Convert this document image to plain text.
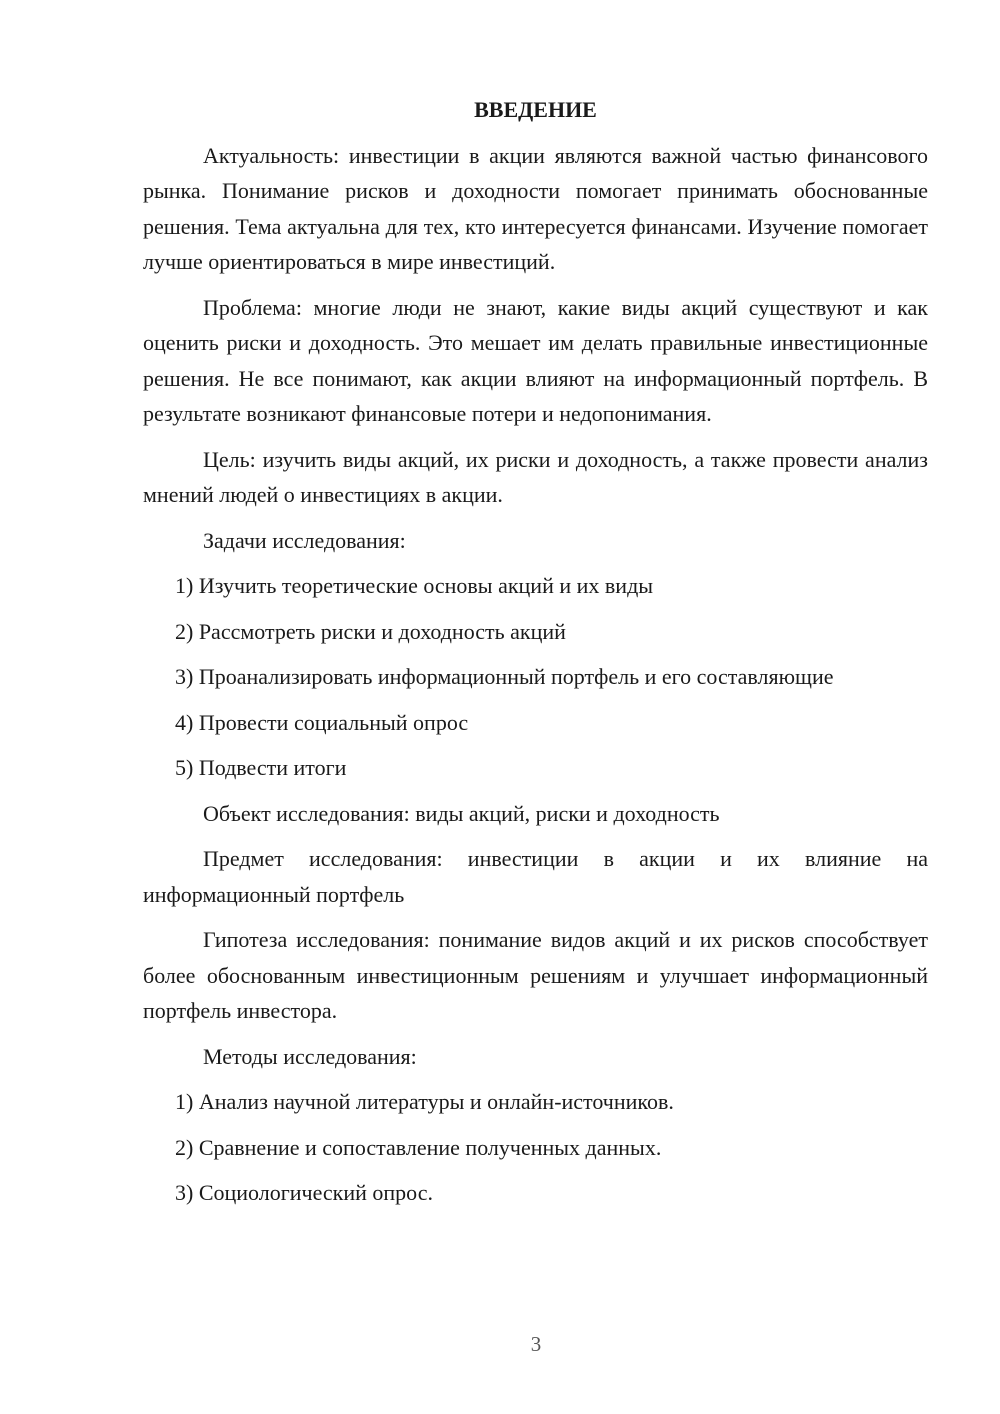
ВВЕДЕНИЕ

Актуальность: инвестиции в акции являются важной частью финансового рынка. Понимание рисков и доходности помогает принимать обоснованные решения. Тема актуальна для тех, кто интересуется финансами. Изучение помогает лучше ориентироваться в мире инвестиций.

Проблема: многие люди не знают, какие виды акций существуют и как оценить риски и доходность. Это мешает им делать правильные инвестиционные решения. Не все понимают, как акции влияют на информационный портфель. В результате возникают финансовые потери и недопонимания.

Цель: изучить виды акций, их риски и доходность, а также провести анализ мнений людей о инвестициях в акции.

Задачи исследования:

1) Изучить теоретические основы акций и их виды
2) Рассмотреть риски и доходность акций
3) Проанализировать информационный портфель и его составляющие
4) Провести социальный опрос
5) Подвести итоги

Объект исследования: виды акций, риски и доходность

Предмет исследования: инвестиции в акции и их влияние на информационный портфель

Гипотеза исследования: понимание видов акций и их рисков способствует более обоснованным инвестиционным решениям и улучшает информационный портфель инвестора.

Методы исследования:

1) Анализ научной литературы и онлайн-источников.
2) Сравнение и сопоставление полученных данных.
3) Социологический опрос.
3
